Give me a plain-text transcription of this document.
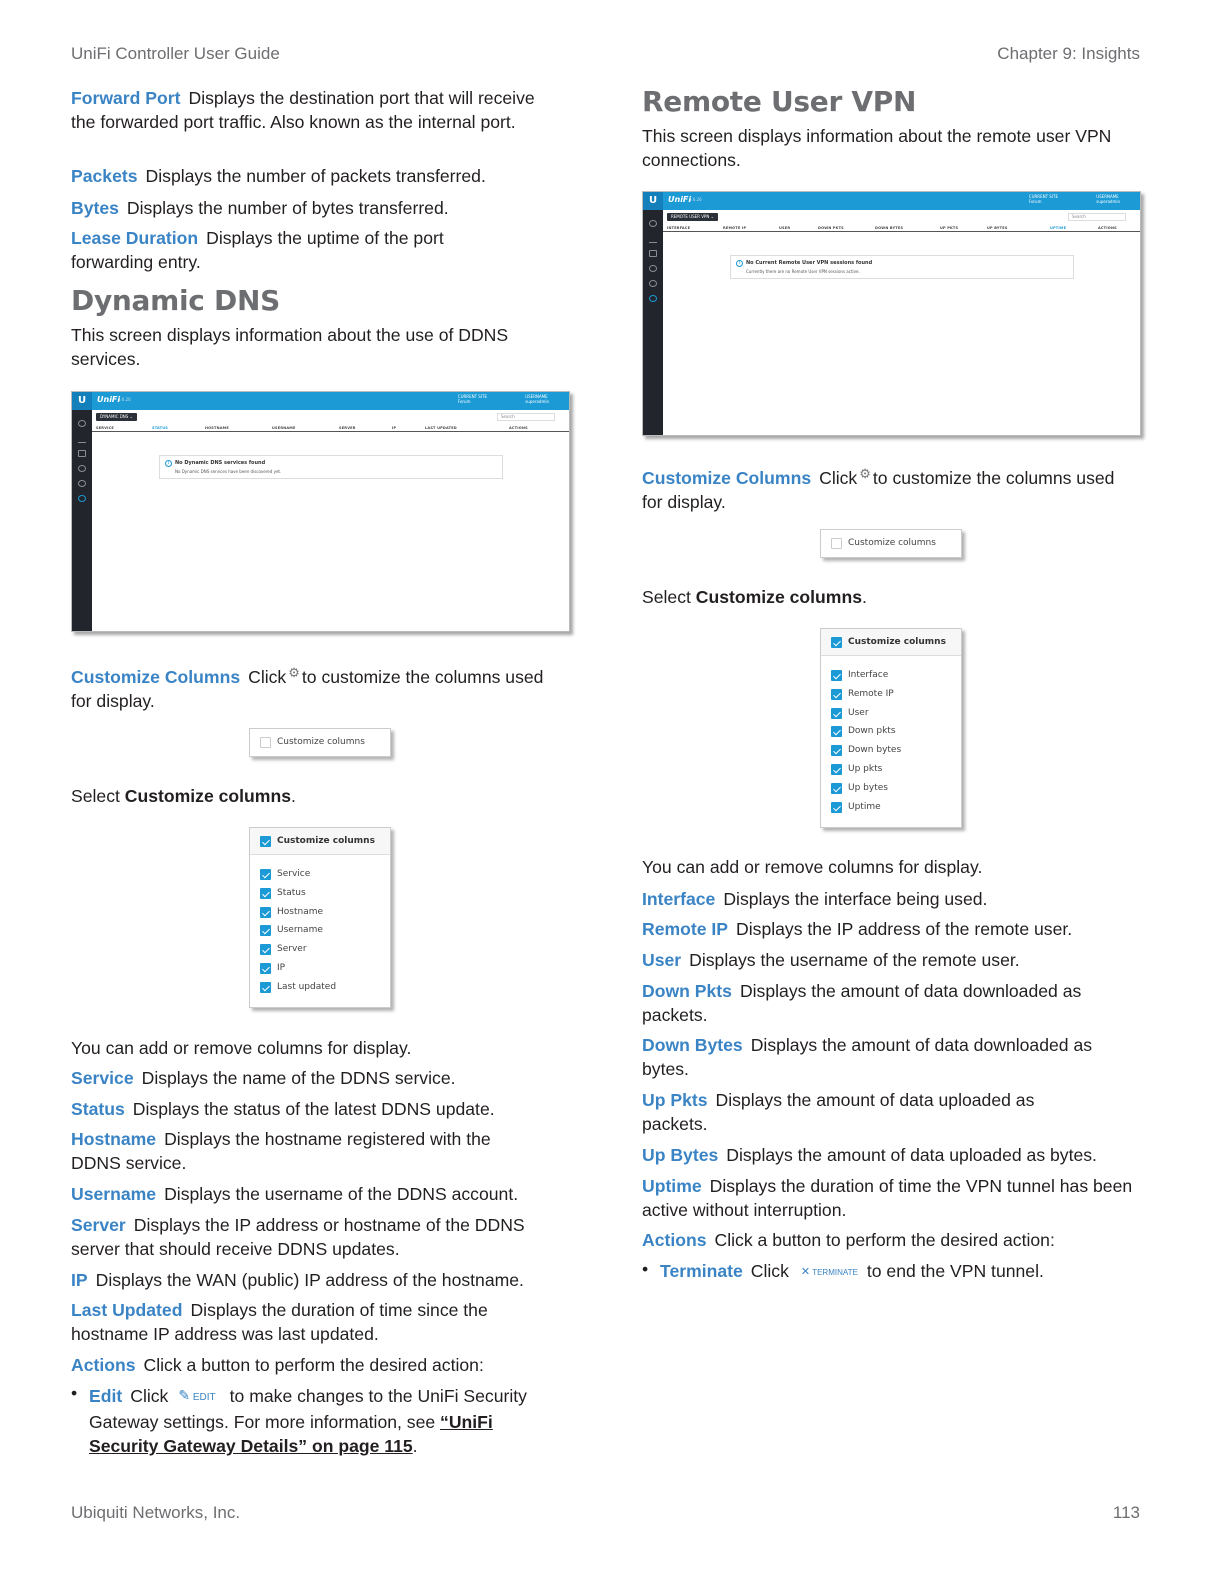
UniFi Controller User Guide	Chapter 9: Insights
Ubiquiti Networks, Inc.	113
Forward Port Displays the destination port that will receive the forwarded port traffic. Also known as the internal port.
Packets Displays the number of packets transferred.
Bytes Displays the number of bytes transferred.
Lease Duration Displays the uptime of the port forwarding entry.
Dynamic DNS
This screen displays information about the use of DDNS services.
U	UniFi
5.6.26
CURRENT SITE
Forum
USERNAME
superadmin
DYNAMIC DNS ⌄	Search
SERVICE	STATUS	HOSTNAME	USERNAME	SERVER	IP	LAST UPDATED	ACTIONS
i	No Dynamic DNS services found
No Dynamic DNS services have been discovered yet.
Customize Columns Click ⚙ to customize the columns used for display.
Customize columns
Select Customize columns.
Customize columns
Service
Status
Hostname
Username
Server
IP
Last updated
You can add or remove columns for display.
Service Displays the name of the DDNS service.
Status Displays the status of the latest DDNS update.
Hostname Displays the hostname registered with the DDNS service.
Username Displays the username of the DDNS account.
Server Displays the IP address or hostname of the DDNS server that should receive DDNS updates.
IP Displays the WAN (public) IP address of the hostname.
Last Updated Displays the duration of time since the hostname IP address was last updated.
Actions Click a button to perform the desired action:
• Edit Click ✎ EDIT to make changes to the UniFi Security Gateway settings. For more information, see “UniFi Security Gateway Details” on page 115.
Remote User VPN
This screen displays information about the remote user VPN connections.
U	UniFi
5.6.26
CURRENT SITE
Forum
USERNAME
superadmin
REMOTE USER VPN ⌄	Search
INTERFACE	REMOTE IP	USER	DOWN PKTS	DOWN BYTES	UP PKTS	UP BYTES	UPTIME	ACTIONS
i	No Current Remote User VPN sessions found
Currently there are no Remote User VPN sessions active.
Customize Columns Click ⚙ to customize the columns used for display.
Customize columns
Select Customize columns.
Customize columns
Interface
Remote IP
User
Down pkts
Down bytes
Up pkts
Up bytes
Uptime
You can add or remove columns for display.
Interface Displays the interface being used.
Remote IP Displays the IP address of the remote user.
User Displays the username of the remote user.
Down Pkts Displays the amount of data downloaded as packets.
Down Bytes Displays the amount of data downloaded as bytes.
Up Pkts Displays the amount of data uploaded as packets.
Up Bytes Displays the amount of data uploaded as bytes.
Uptime Displays the duration of time the VPN tunnel has been active without interruption.
Actions Click a button to perform the desired action:
• Terminate Click ✕ TERMINATE to end the VPN tunnel.
